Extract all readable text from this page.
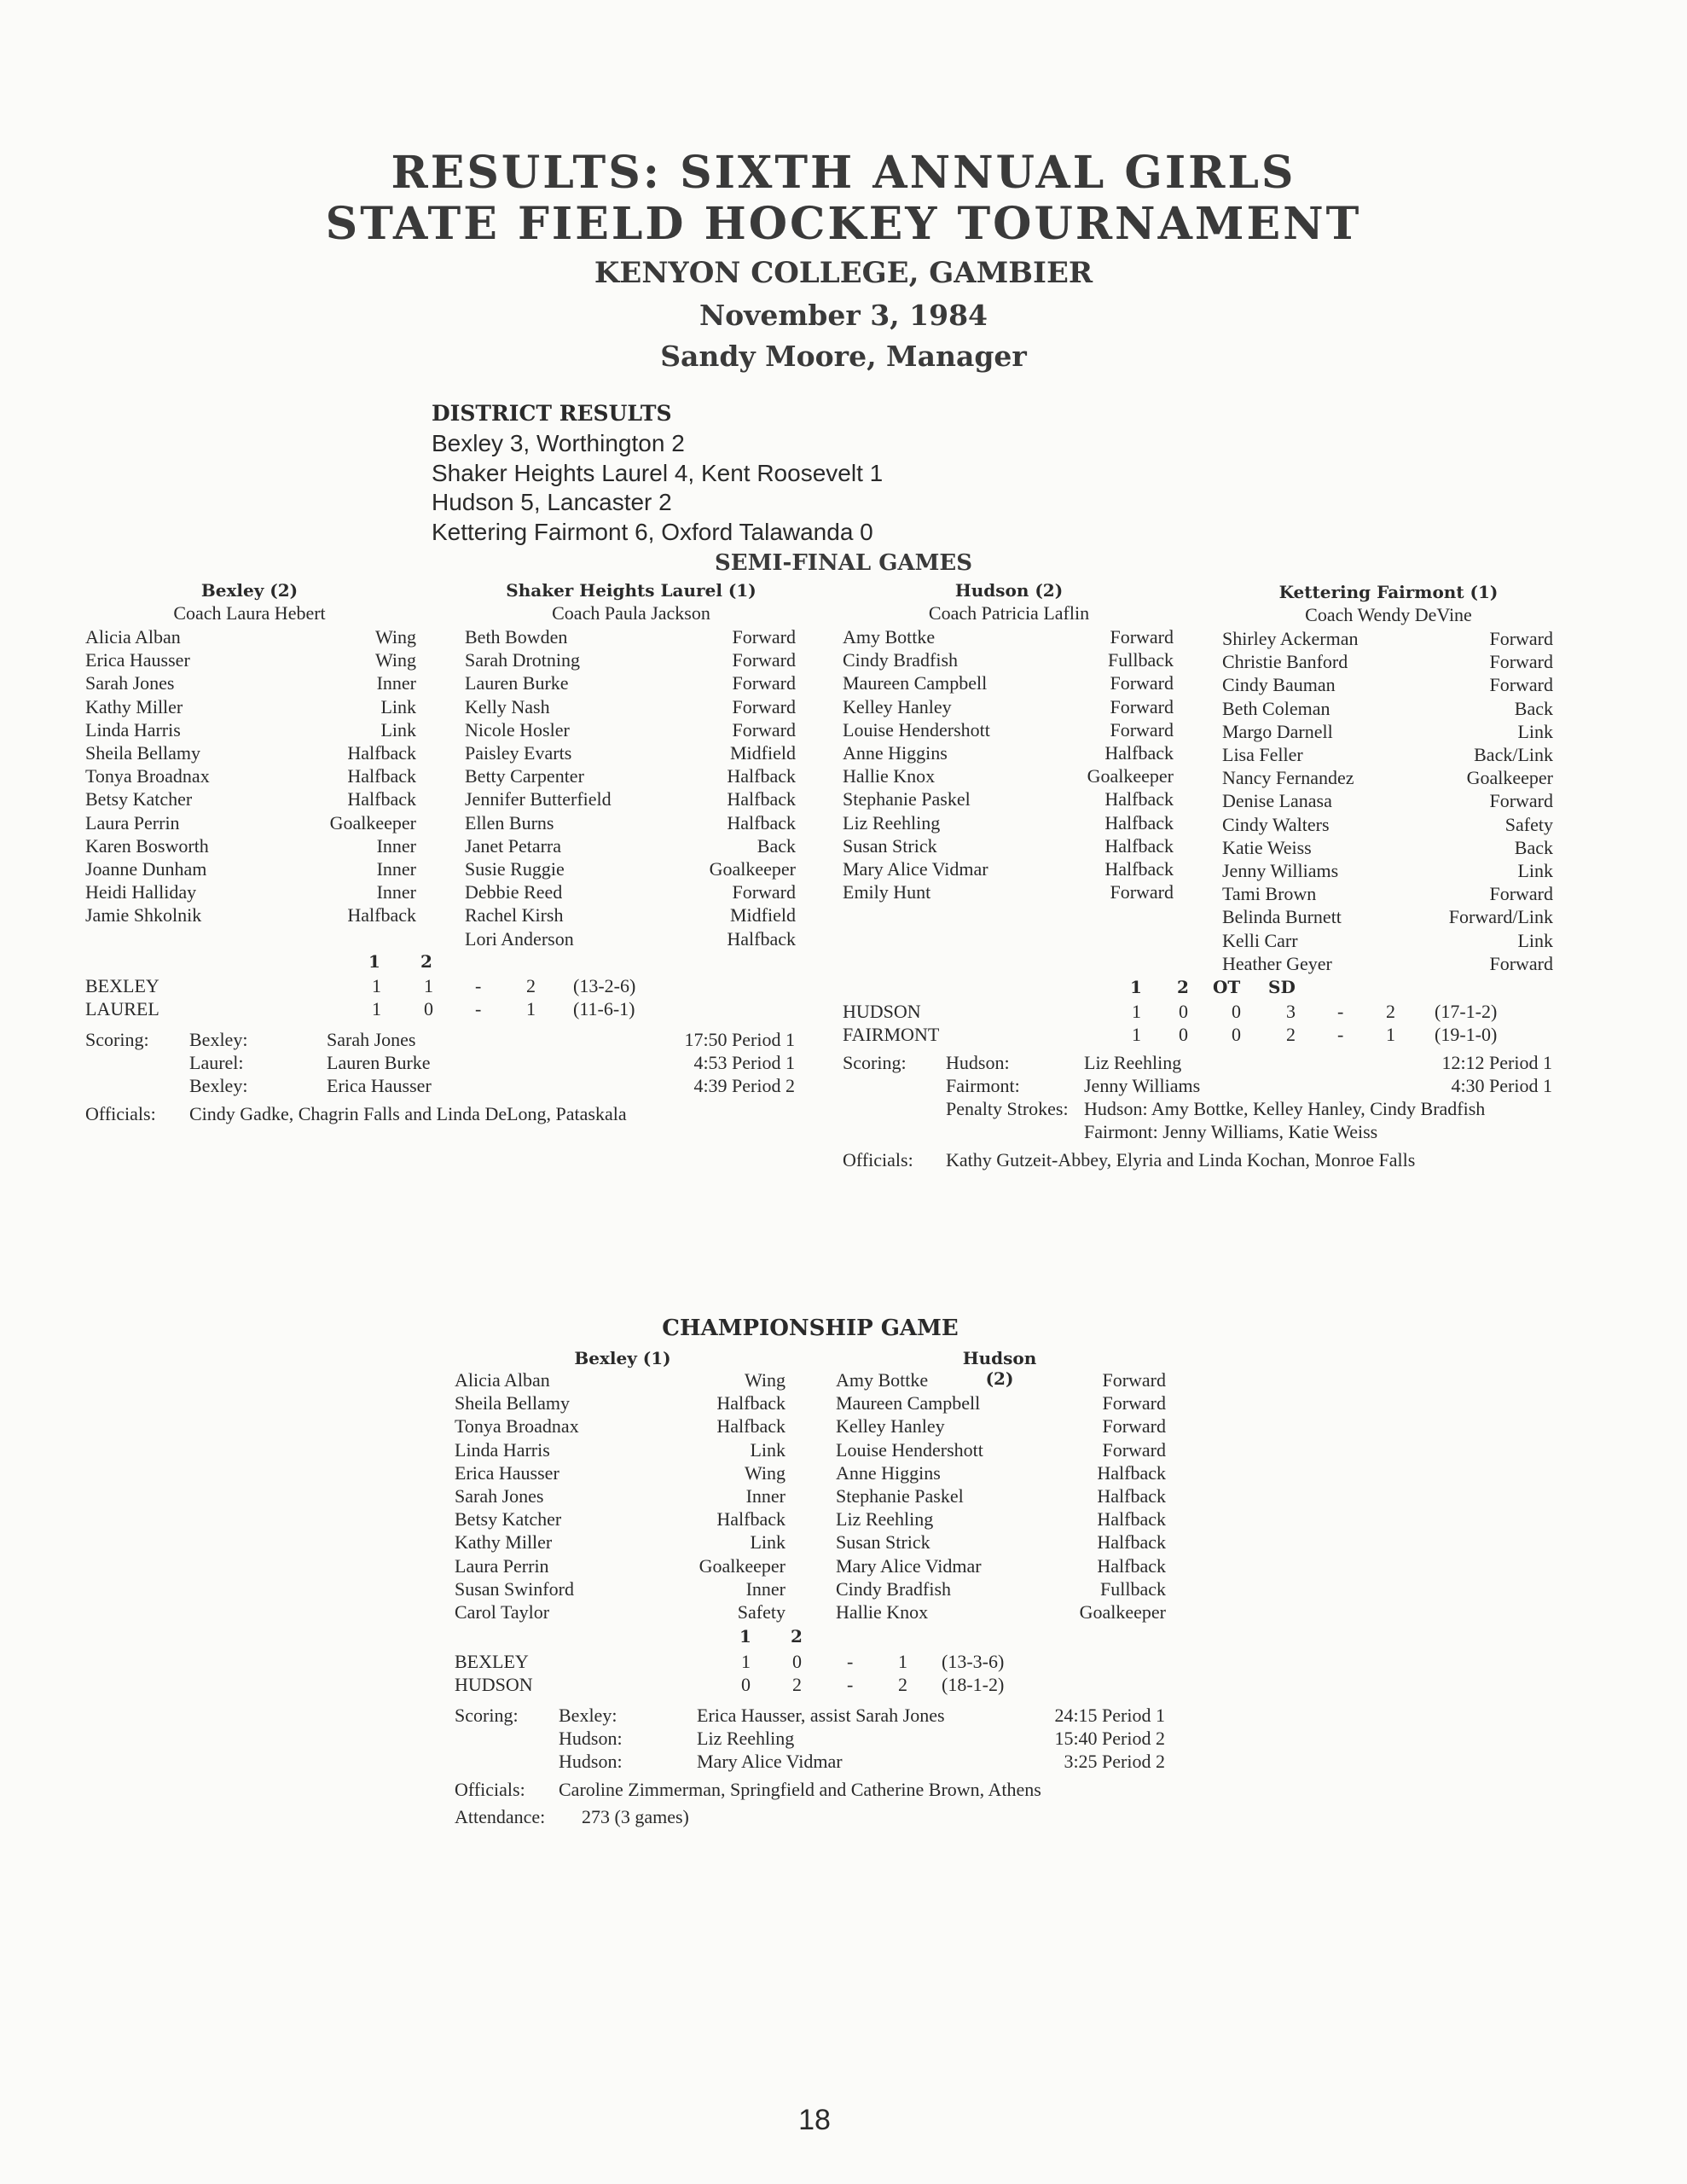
RESULTS: SIXTH ANNUAL GIRLS
STATE FIELD HOCKEY TOURNAMENT
KENYON COLLEGE, GAMBIER
November 3, 1984
Sandy Moore, Manager
DISTRICT RESULTS
Bexley 3, Worthington 2
Shaker Heights Laurel 4, Kent Roosevelt 1
Hudson 5, Lancaster 2
Kettering Fairmont 6, Oxford Talawanda 0
SEMI-FINAL GAMES
Bexley (2)
Coach Laura Hebert
Shaker Heights Laurel (1)
Coach Paula Jackson
Hudson (2)
Coach Patricia Laflin
Kettering Fairmont (1)
Coach Wendy DeVine
Alicia Alban	Wing
Erica Hausser	Wing
Sarah Jones	Inner
Kathy Miller	Link
Linda Harris	Link
Sheila Bellamy	Halfback
Tonya Broadnax	Halfback
Betsy Katcher	Halfback
Laura Perrin	Goalkeeper
Karen Bosworth	Inner
Joanne Dunham	Inner
Heidi Halliday	Inner
Jamie Shkolnik	Halfback
Beth Bowden	Forward
Sarah Drotning	Forward
Lauren Burke	Forward
Kelly Nash	Forward
Nicole Hosler	Forward
Paisley Evarts	Midfield
Betty Carpenter	Halfback
Jennifer Butterfield	Halfback
Ellen Burns	Halfback
Janet Petarra	Back
Susie Ruggie	Goalkeeper
Debbie Reed	Forward
Rachel Kirsh	Midfield
Lori Anderson	Halfback
Amy Bottke	Forward
Cindy Bradfish	Fullback
Maureen Campbell	Forward
Kelley Hanley	Forward
Louise Hendershott	Forward
Anne Higgins	Halfback
Hallie Knox	Goalkeeper
Stephanie Paskel	Halfback
Liz Reehling	Halfback
Susan Strick	Halfback
Mary Alice Vidmar	Halfback
Emily Hunt	Forward
Shirley Ackerman	Forward
Christie Banford	Forward
Cindy Bauman	Forward
Beth Coleman	Back
Margo Darnell	Link
Lisa Feller	Back/Link
Nancy Fernandez	Goalkeeper
Denise Lanasa	Forward
Cindy Walters	Safety
Katie Weiss	Back
Jenny Williams	Link
Tami Brown	Forward
Belinda Burnett	Forward/Link
Kelli Carr	Link
Heather Geyer	Forward
1 2
BEXLEY	1 1 - 2 (13-2-6)
LAUREL	1 0 - 1 (11-6-1)
Scoring: Bexley:	Sarah Jones	17:50 Period 1
Laurel:	Lauren Burke	4:53 Period 1
Bexley:	Erica Hausser	4:39 Period 2
Officials: Cindy Gadke, Chagrin Falls and Linda DeLong, Pataskala
1 2 OT SD
HUDSON	1 0 0 3 - 2 (17-1-2)
FAIRMONT	1 0 0 2 - 1 (19-1-0)
Scoring: Hudson:	Liz Reehling	12:12 Period 1
Fairmont:	Jenny Williams	4:30 Period 1
Penalty Strokes: Hudson: Amy Bottke, Kelley Hanley, Cindy Bradfish
Fairmont: Jenny Williams, Katie Weiss
Officials: Kathy Gutzeit-Abbey, Elyria and Linda Kochan, Monroe Falls
CHAMPIONSHIP GAME
Bexley (1)	Hudson (2)
Alicia Alban	Wing
Sheila Bellamy	Halfback
Tonya Broadnax	Halfback
Linda Harris	Link
Erica Hausser	Wing
Sarah Jones	Inner
Betsy Katcher	Halfback
Kathy Miller	Link
Laura Perrin	Goalkeeper
Susan Swinford	Inner
Carol Taylor	Safety
Amy Bottke	Forward
Maureen Campbell	Forward
Kelley Hanley	Forward
Louise Hendershott	Forward
Anne Higgins	Halfback
Stephanie Paskel	Halfback
Liz Reehling	Halfback
Susan Strick	Halfback
Mary Alice Vidmar	Halfback
Cindy Bradfish	Fullback
Hallie Knox	Goalkeeper
1 2
BEXLEY	1 0 - 1 (13-3-6)
HUDSON	0 2 - 2 (18-1-2)
Scoring: Bexley:	Erica Hausser, assist Sarah Jones	24:15 Period 1
Hudson:	Liz Reehling	15:40 Period 2
Hudson:	Mary Alice Vidmar	3:25 Period 2
Officials: Caroline Zimmerman, Springfield and Catherine Brown, Athens
Attendance: 273 (3 games)
18
